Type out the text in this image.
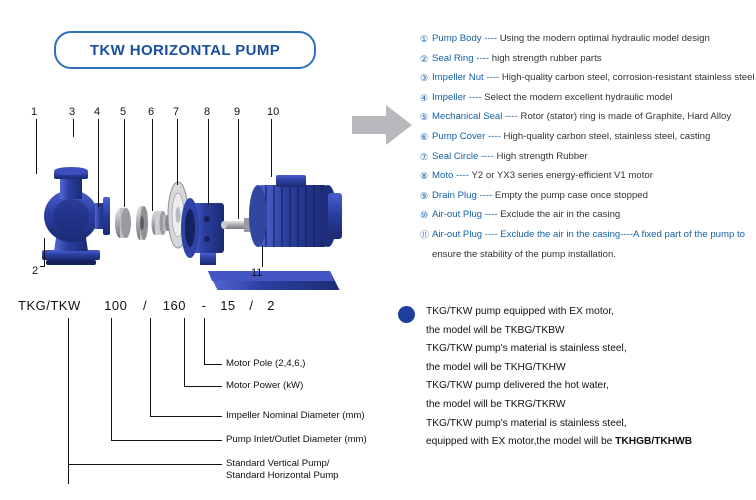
TKW HORIZONTAL PUMP
1	3 4 5 6 7 8 9 10
2	11
① Pump Body
----
Using the modern optimal hydraulic model design
② Seal Ring
----
high strength rubber parts
③ Impeller Nut
----
High-quality carbon steel, corrosion-resistant stainless steel
④ Impeller
----
Select the modern excellent hydraulic model
⑤ Mechanical Seal
----
Rotor (stator) ring is made of Graphite, Hard Alloy
⑥ Pump Cover
----
High-quality carbon steel, stainless steel, casting
⑦ Seal Circle
----
High strength Rubber
⑧ Moto
----
Y2 or YX3 series energy-efficient V1 motor
⑨ Drain Plug
----
Empty the pump case once stopped
⑩ Air-out Plug
----
Exclude the air in the casing
⑪ Air-out Plug
----
Exclude the air in the casing----A fixed part of the pump to
ensure the stability of the pump installation.
TKG/TKW 100 / 160 - 15 / 2
Motor Pole (2,4,6,)
Motor Power (kW)
Impeller Nominal Diameter (mm)
Pump Inlet/Outlet Diameter (mm)
Standard Vertical Pump/
Standard Horizontal Pump
TKG/TKW pump equipped with EX motor,
the model will be TKBG/TKBW
TKG/TKW pump's material is stainless steel,
the model will be TKHG/TKHW
TKG/TKW pump delivered the hot water,
the model will be TKRG/TKRW
TKG/TKW pump's material is stainless steel,
equipped with EX motor,the model will be TKHGB/TKHWB
